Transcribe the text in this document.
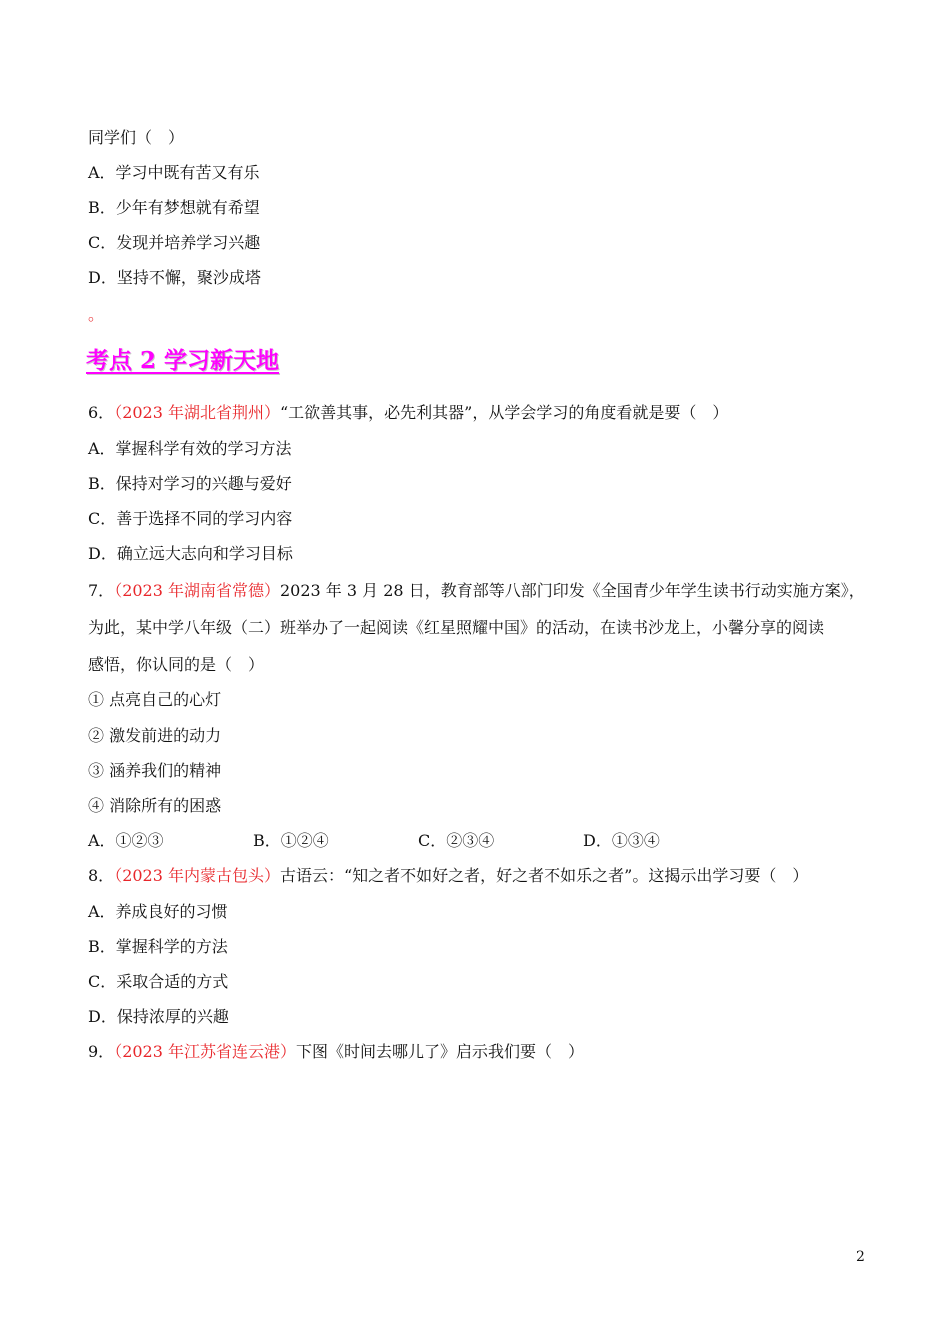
同学们（　）
A．学习中既有苦又有乐
B．少年有梦想就有希望
C．发现并培养学习兴趣
D．坚持不懈，聚沙成塔
。
考点 2 学习新天地
6．（2023 年湖北省荆州）“工欲善其事，必先利其器”，从学会学习的角度看就是要（　）
A．掌握科学有效的学习方法
B．保持对学习的兴趣与爱好
C．善于选择不同的学习内容
D．确立远大志向和学习目标
7．（2023 年湖南省常德）2023 年 3 月 28 日，教育部等八部门印发《全国青少年学生读书行动实施方案》，
为此，某中学八年级（二）班举办了一起阅读《红星照耀中国》的活动，在读书沙龙上，小馨分享的阅读
感悟，你认同的是（　）
① 点亮自己的心灯
② 激发前进的动力
③ 涵养我们的精神
④ 消除所有的困惑
A．①②③	B．①②④	C．②③④	D．①③④
8．（2023 年内蒙古包头）古语云：“知之者不如好之者，好之者不如乐之者”。这揭示出学习要（　）
A．养成良好的习惯
B．掌握科学的方法
C．采取合适的方式
D．保持浓厚的兴趣
9．（2023 年江苏省连云港）下图《时间去哪儿了》启示我们要（　）
2
